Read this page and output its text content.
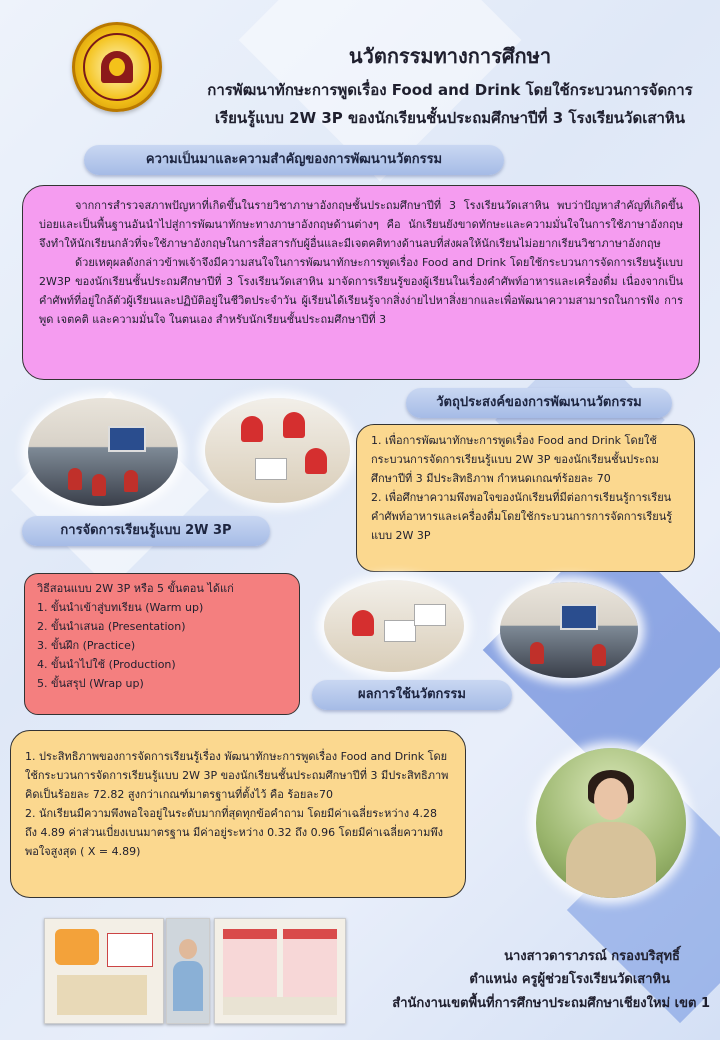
นวัตกรรมทางการศึกษา
การพัฒนาทักษะการพูดเรื่อง Food and Drink โดยใช้กระบวนการจัดการ
เรียนรู้แบบ 2W 3P ของนักเรียนชั้นประถมศึกษาปีที่ 3 โรงเรียนวัดเสาหิน
ความเป็นมาและความสำคัญของการพัฒนานวัตกรรม

จากการสำรวจสภาพปัญหาที่เกิดขึ้นในรายวิชาภาษาอังกฤษชั้นประถมศึกษาปีที่ 3 โรงเรียนวัดเสาหิน พบว่าปัญหาสำคัญที่เกิดขึ้นบ่อยและเป็นพื้นฐานอันนำไปสู่การพัฒนาทักษะทางภาษาอังกฤษด้านต่างๆ คือ นักเรียนยังขาดทักษะและความมั่นใจในการใช้ภาษาอังกฤษ จึงทำให้นักเรียนกลัวที่จะใช้ภาษาอังกฤษในการสื่อสารกับผู้อื่นและมีเจตคติทางด้านลบที่ส่งผลให้นักเรียนไม่อยากเรียนวิชาภาษาอังกฤษ

ด้วยเหตุผลดังกล่าวข้าพเจ้าจึงมีความสนใจในการพัฒนาทักษะการพูดเรื่อง Food and Drink โดยใช้กระบวนการจัดการเรียนรู้แบบ 2W3P ของนักเรียนชั้นประถมศึกษาปีที่ 3 โรงเรียนวัดเสาหิน มาจัดการเรียนรู้ของผู้เรียนในเรื่องคำศัพท์อาหารและเครื่องดื่ม เนื่องจากเป็นคำศัพท์ที่อยู่ใกล้ตัวผู้เรียนและปฏิบัติอยู่ในชีวิตประจำวัน ผู้เรียนได้เรียนรู้จากสิ่งง่ายไปหาสิ่งยากและเพื่อพัฒนาความสามารถในการฟัง การพูด เจตคติ และความมั่นใจ ในตนเอง สำหรับนักเรียนชั้นประถมศึกษาปีที่ 3

วัตถุประสงค์ของการพัฒนานวัตกรรม

1. เพื่อการพัฒนาทักษะการพูดเรื่อง Food and Drink โดยใช้กระบวนการจัดการเรียนรู้แบบ 2W 3P ของนักเรียนชั้นประถมศึกษาปีที่ 3 มีประสิทธิภาพ กำหนดเกณฑ์ร้อยละ 70

2. เพื่อศึกษาความพึงพอใจของนักเรียนที่มีต่อการเรียนรู้การเรียนคำศัพท์อาหารและเครื่องดื่มโดยใช้กระบวนการการจัดการเรียนรู้แบบ 2W 3P

การจัดการเรียนรู้แบบ 2W 3P

วิธีสอนแบบ 2W 3P หรือ 5 ขั้นตอน ได้แก่

1. ขั้นนำเข้าสู่บทเรียน (Warm up)

2. ขั้นนำเสนอ (Presentation)

3. ขั้นฝึก (Practice)

4. ขั้นนำไปใช้ (Production)

5. ขั้นสรุป (Wrap up)

ผลการใช้นวัตกรรม

1. ประสิทธิภาพของการจัดการเรียนรู้เรื่อง พัฒนาทักษะการพูดเรื่อง Food and Drink โดยใช้กระบวนการจัดการเรียนรู้แบบ 2W 3P ของนักเรียนชั้นประถมศึกษาปีที่ 3 มีประสิทธิภาพ คิดเป็นร้อยละ 72.82 สูงกว่าเกณฑ์มาตรฐานที่ตั้งไว้ คือ ร้อยละ70

2. นักเรียนมีความพึงพอใจอยู่ในระดับมากที่สุดทุกข้อคำถาม โดยมีค่าเฉลี่ยระหว่าง 4.28 ถึง 4.89 ค่าส่วนเบี่ยงเบนมาตรฐาน มีค่าอยู่ระหว่าง 0.32 ถึง 0.96 โดยมีค่าเฉลี่ยความพึงพอใจสูงสุด ( X = 4.89)

นางสาวดาราภรณ์ กรองบริสุทธิ์
ตำแหน่ง ครูผู้ช่วยโรงเรียนวัดเสาหิน
สำนักงานเขตพื้นที่การศึกษาประถมศึกษาเชียงใหม่ เขต 1
